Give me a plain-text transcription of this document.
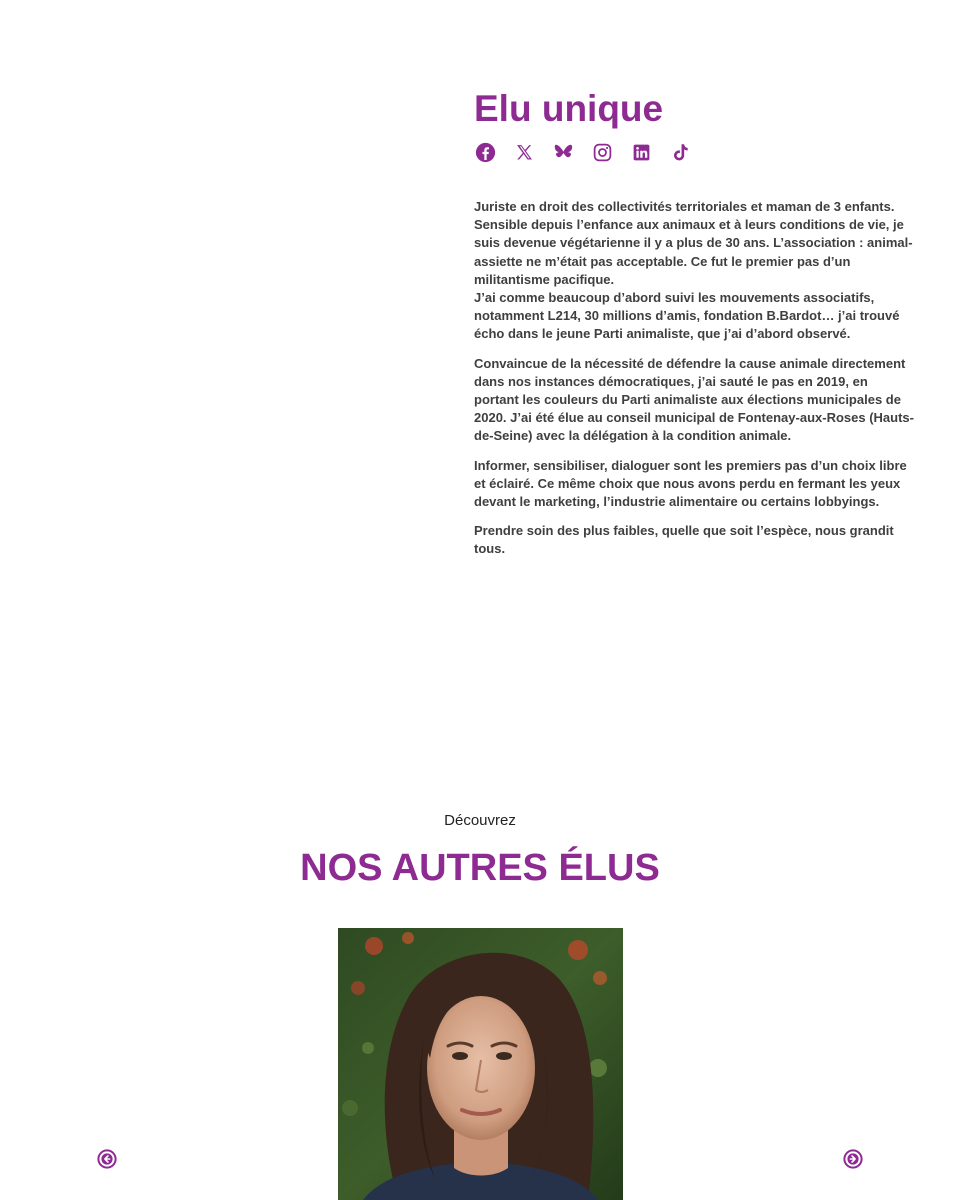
Elu unique

Juriste en droit des collectivités territoriales et maman de 3 enfants. Sensible depuis l’enfance aux animaux et à leurs conditions de vie, je suis devenue végétarienne il y a plus de 30 ans. L’association : animal-assiette ne m’était pas acceptable. Ce fut le premier pas d’un militantisme pacifique.
J’ai comme beaucoup d’abord suivi les mouvements associatifs, notamment L214, 30 millions d’amis, fondation B.Bardot… j’ai trouvé écho dans le jeune Parti animaliste, que j’ai d’abord observé.

Convaincue de la nécessité de défendre la cause animale directement dans nos instances démocratiques, j’ai sauté le pas en 2019, en portant les couleurs du Parti animaliste aux élections municipales de 2020. J’ai été élue au conseil municipal de Fontenay-aux-Roses (Hauts-de-Seine) avec la délégation à la condition animale.

Informer, sensibiliser, dialoguer sont les premiers pas d’un choix libre et éclairé. Ce même choix que nous avons perdu en fermant les yeux devant le marketing, l’industrie alimentaire ou certains lobbyings.

Prendre soin des plus faibles, quelle que soit l’espèce, nous grandit tous.

Découvrez
NOS AUTRES ÉLUS
